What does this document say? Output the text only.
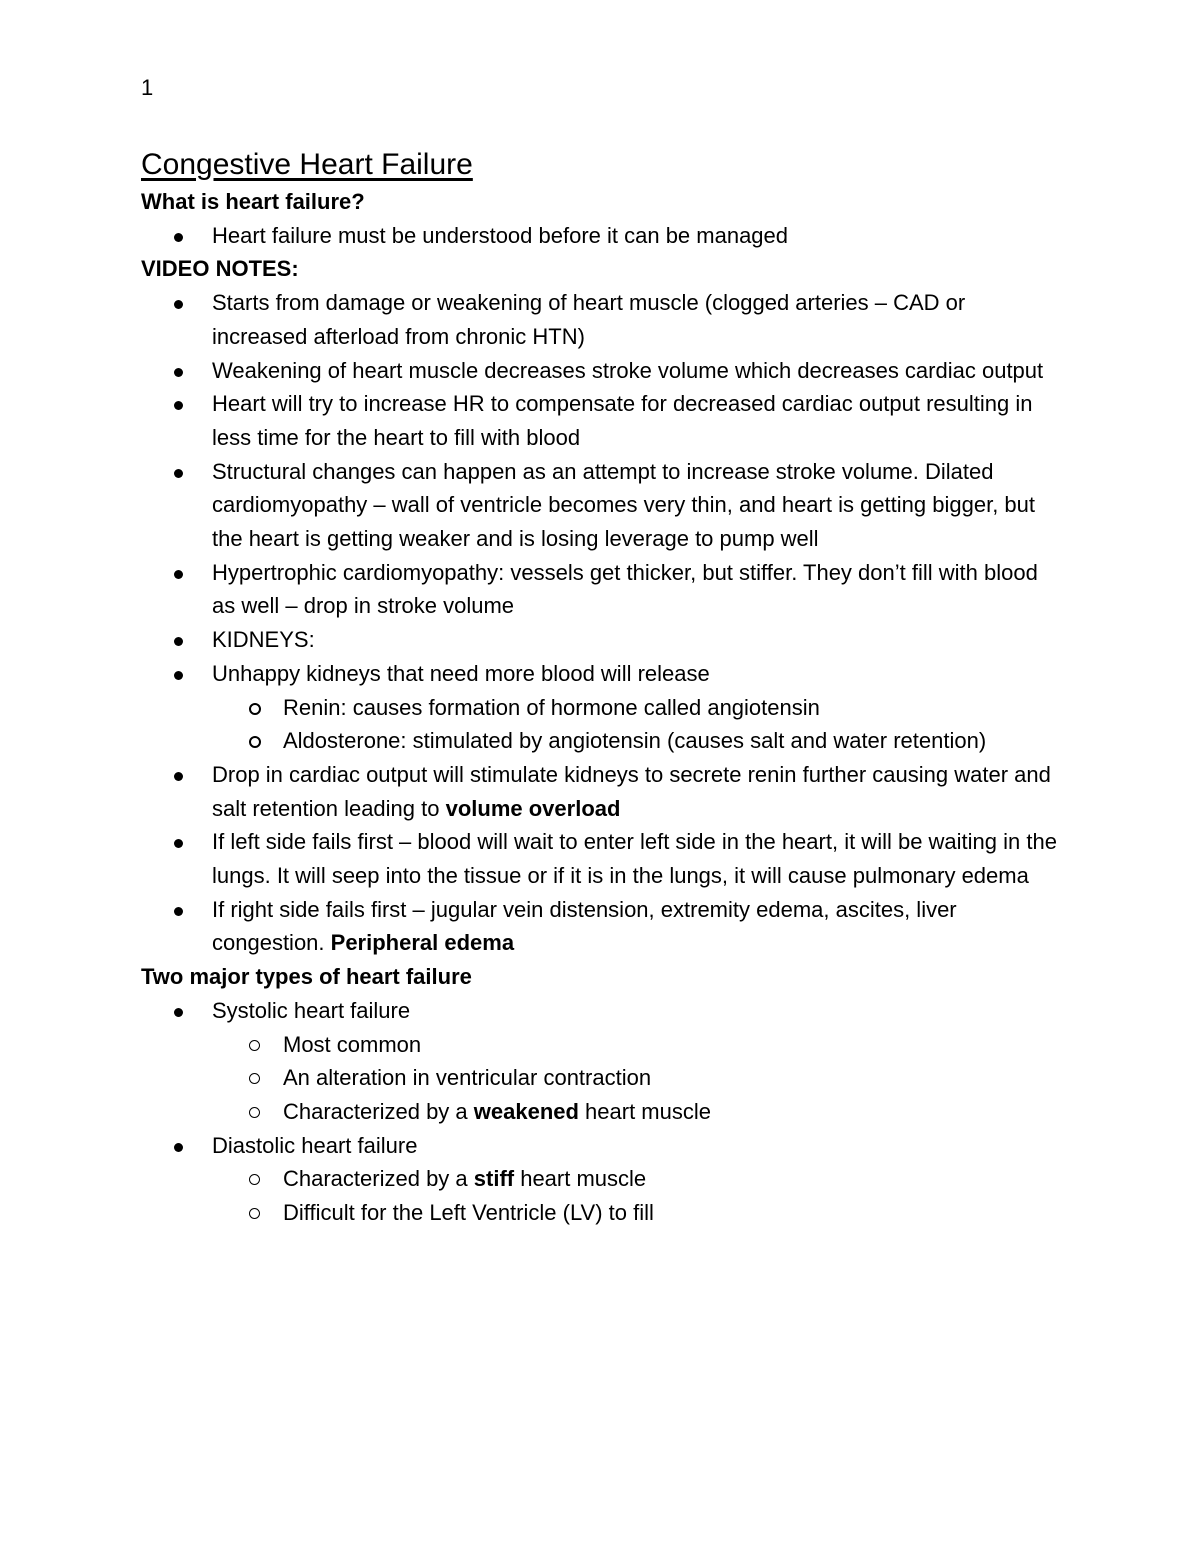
1
Congestive Heart Failure

What is heart failure?

Heart failure must be understood before it can be managed

VIDEO NOTES:

Starts from damage or weakening of heart muscle (clogged arteries – CAD or increased afterload from chronic HTN)
Weakening of heart muscle decreases stroke volume which decreases cardiac output
Heart will try to increase HR to compensate for decreased cardiac output resulting in less time for the heart to fill with blood
Structural changes can happen as an attempt to increase stroke volume. Dilated cardiomyopathy – wall of ventricle becomes very thin, and heart is getting bigger, but the heart is getting weaker and is losing leverage to pump well
Hypertrophic cardiomyopathy: vessels get thicker, but stiffer. They don’t fill with blood as well – drop in stroke volume
KIDNEYS:
Unhappy kidneys that need more blood will release
Renin: causes formation of hormone called angiotensin
Aldosterone: stimulated by angiotensin (causes salt and water retention)
Drop in cardiac output will stimulate kidneys to secrete renin further causing water and salt retention leading to volume overload
If left side fails first – blood will wait to enter left side in the heart, it will be waiting in the lungs. It will seep into the tissue or if it is in the lungs, it will cause pulmonary edema
If right side fails first – jugular vein distension, extremity edema, ascites, liver congestion. Peripheral edema

Two major types of heart failure

Systolic heart failure
Most common
An alteration in ventricular contraction
Characterized by a weakened heart muscle
Diastolic heart failure
Characterized by a stiff heart muscle
Difficult for the Left Ventricle (LV) to fill
